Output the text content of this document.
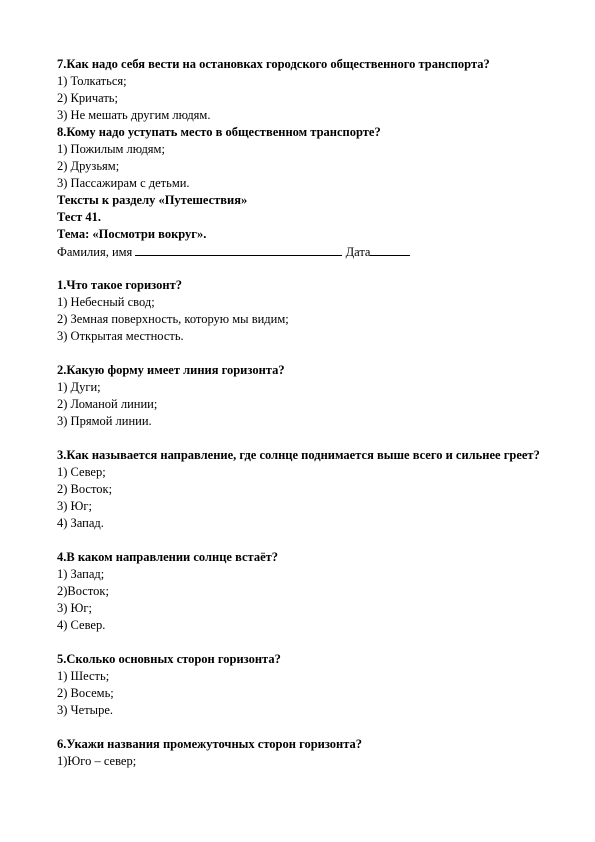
7.Как надо себя вести на остановках городского общественного транспорта?
1) Толкаться;
2) Кричать;
3) Не мешать другим людям.
8.Кому надо уступать место в общественном транспорте?
1) Пожилым людям;
2) Друзьям;
3) Пассажирам с детьми.
Тексты к разделу «Путешествия»
Тест 41.
Тема: «Посмотри вокруг».
Фамилия, имя	Дата
1.Что такое горизонт?
1) Небесный свод;
2) Земная поверхность, которую мы видим;
3) Открытая местность.
2.Какую форму имеет линия горизонта?
1) Дуги;
2) Ломаной линии;
3) Прямой линии.
3.Как называется направление, где солнце поднимается выше всего и сильнее греет?
1) Север;
2) Восток;
3) Юг;
4) Запад.
4.В каком направлении солнце встаёт?
1) Запад;
2)Восток;
3) Юг;
4) Север.
5.Сколько основных сторон горизонта?
1) Шесть;
2) Восемь;
3) Четыре.
6.Укажи названия промежуточных сторон горизонта?
1)Юго – север;
